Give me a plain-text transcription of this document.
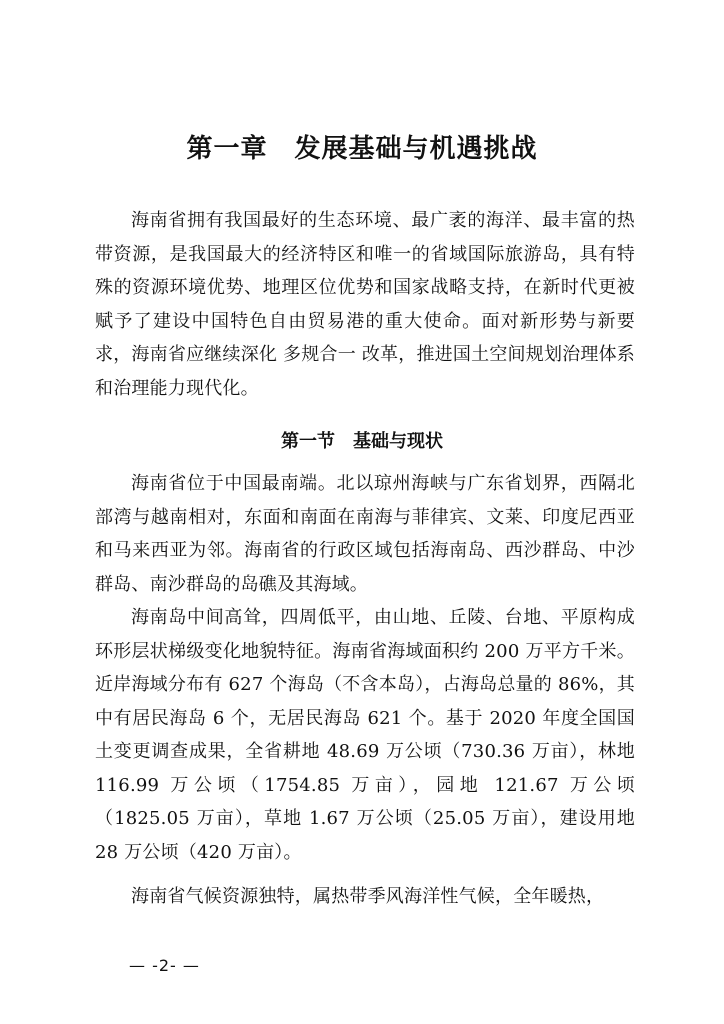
第一章　发展基础与机遇挑战

海南省拥有我国最好的生态环境、最广袤的海洋、最丰富的热带资源，是我国最大的经济特区和唯一的省域国际旅游岛，具有特殊的资源环境优势、地理区位优势和国家战略支持，在新时代更被赋予了建设中国特色自由贸易港的重大使命。面对新形势与新要求，海南省应继续深化 多规合一 改革，推进国土空间规划治理体系和治理能力现代化。

第一节　基础与现状

海南省位于中国最南端。北以琼州海峡与广东省划界，西隔北部湾与越南相对，东面和南面在南海与菲律宾、文莱、印度尼西亚和马来西亚为邻。海南省的行政区域包括海南岛、西沙群岛、中沙群岛、南沙群岛的岛礁及其海域。

海南岛中间高耸，四周低平，由山地、丘陵、台地、平原构成环形层状梯级变化地貌特征。海南省海域面积约 200 万平方千米。近岸海域分布有 627 个海岛（不含本岛），占海岛总量的 86%，其中有居民海岛 6 个，无居民海岛 621 个。基于 2020 年度全国国土变更调查成果，全省耕地 48.69 万公顷（730.36 万亩），林地 116.99 万公顷（1754.85 万亩），园地 121.67 万公顷（1825.05 万亩），草地 1.67 万公顷（25.05 万亩），建设用地 28 万公顷（420 万亩）。

海南省气候资源独特，属热带季风海洋性气候，全年暖热，

— -2- —
